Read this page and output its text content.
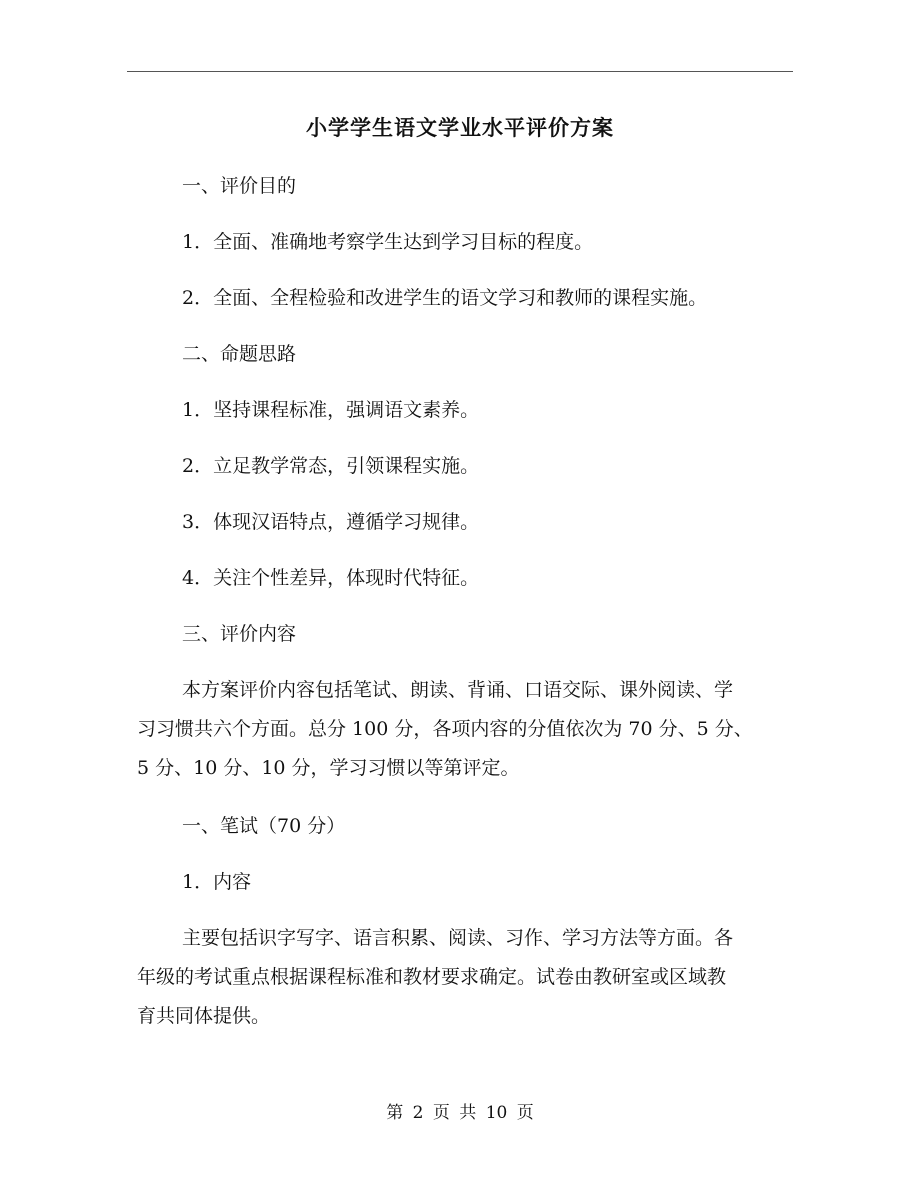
小学学生语文学业水平评价方案
一、评价目的
1．全面、准确地考察学生达到学习目标的程度。
2．全面、全程检验和改进学生的语文学习和教师的课程实施。
二、命题思路
1．坚持课程标准，强调语文素养。
2．立足教学常态，引领课程实施。
3．体现汉语特点，遵循学习规律。
4．关注个性差异，体现时代特征。
三、评价内容
本方案评价内容包括笔试、朗读、背诵、口语交际、课外阅读、学
习习惯共六个方面。总分 100 分，各项内容的分值依次为 70 分、5 分、
5 分、10 分、10 分，学习习惯以等第评定。
一、笔试（70 分）
1．内容
主要包括识字写字、语言积累、阅读、习作、学习方法等方面。各
年级的考试重点根据课程标准和教材要求确定。试卷由教研室或区域教
育共同体提供。
第 2 页 共 10 页
